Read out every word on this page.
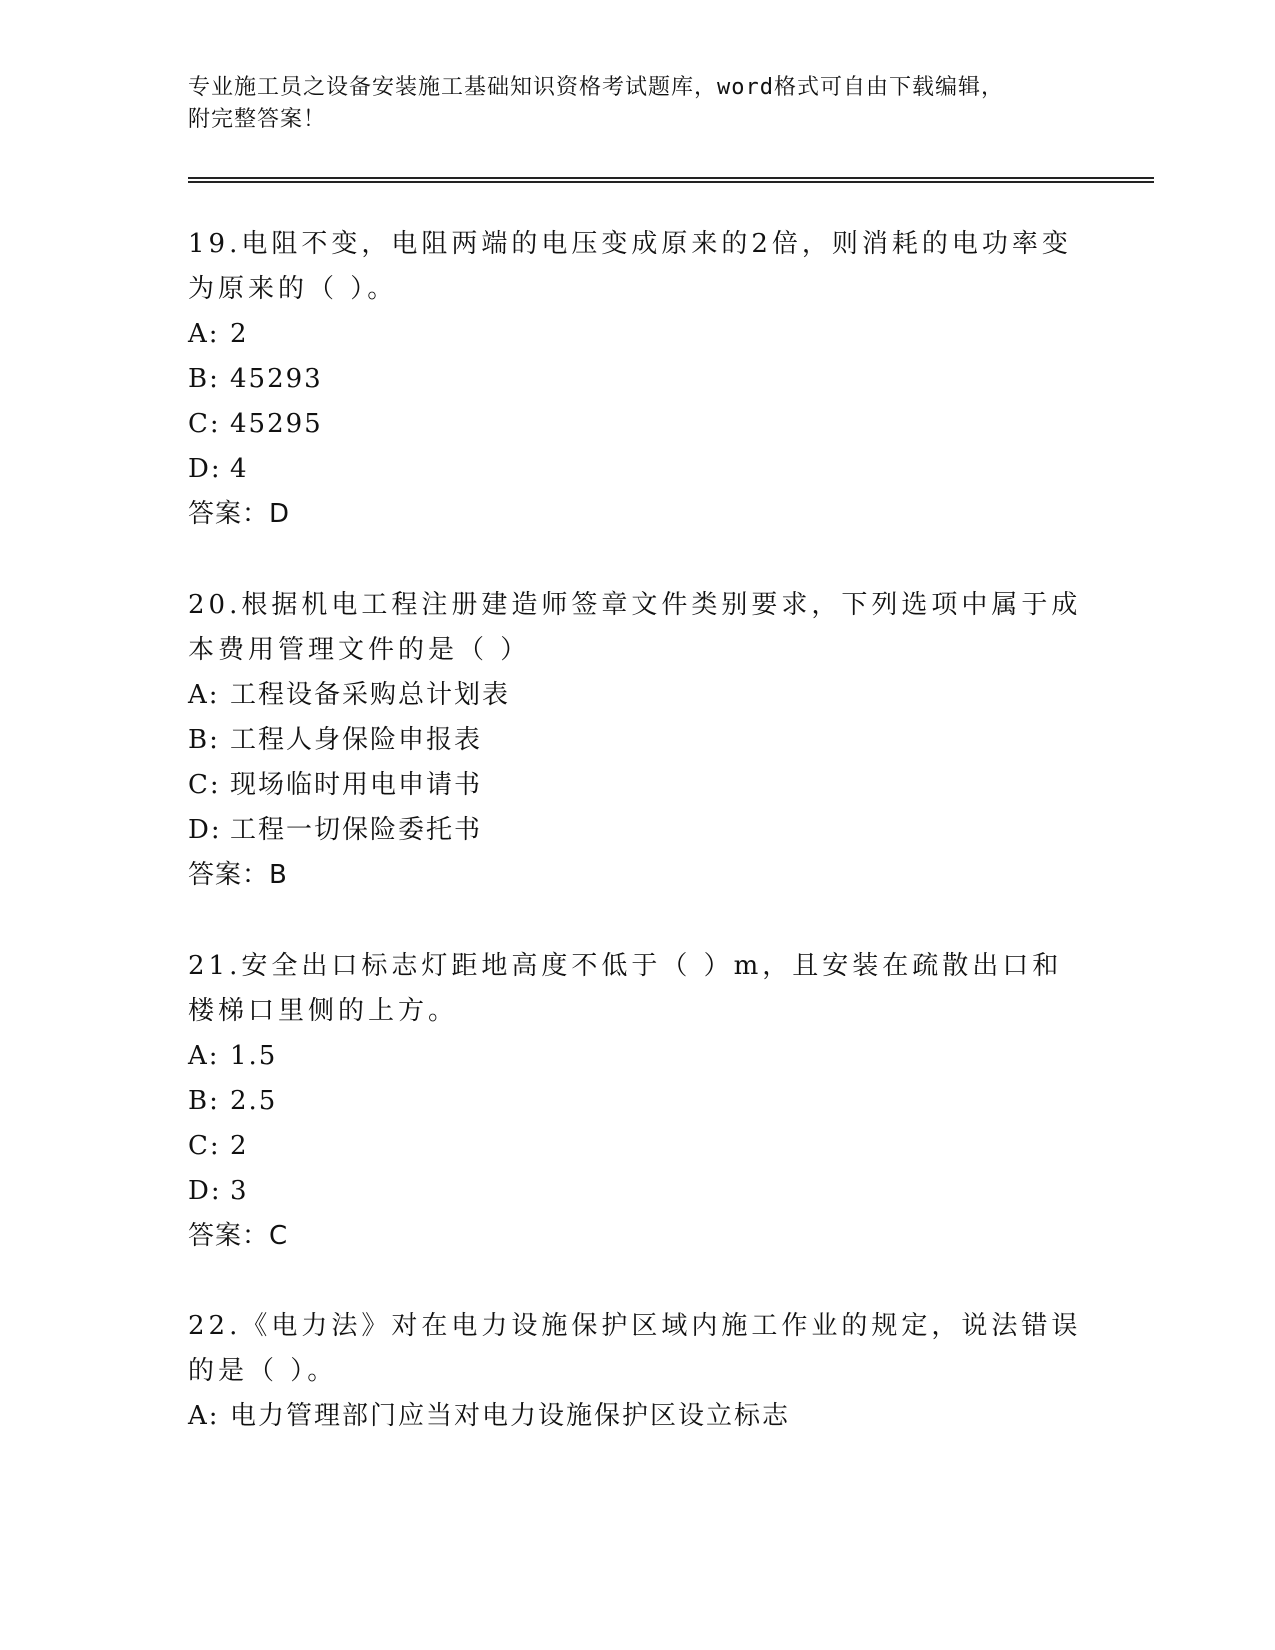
专业施工员之设备安装施工基础知识资格考试题库，word格式可自由下载编辑，
附完整答案！

19.电阻不变，电阻两端的电压变成原来的2倍，则消耗的电功率变为原来的（ ）。

A: 2

B: 45293

C: 45295

D: 4

答案：D

20.根据机电工程注册建造师签章文件类别要求，下列选项中属于成本费用管理文件的是（ ）

A: 工程设备采购总计划表

B: 工程人身保险申报表

C: 现场临时用电申请书

D: 工程一切保险委托书

答案：B

21.安全出口标志灯距地高度不低于（ ）m，且安装在疏散出口和楼梯口里侧的上方。

A: 1.5

B: 2.5

C: 2

D: 3

答案：C

22.《电力法》对在电力设施保护区域内施工作业的规定，说法错误的是（ ）。

A: 电力管理部门应当对电力设施保护区设立标志
